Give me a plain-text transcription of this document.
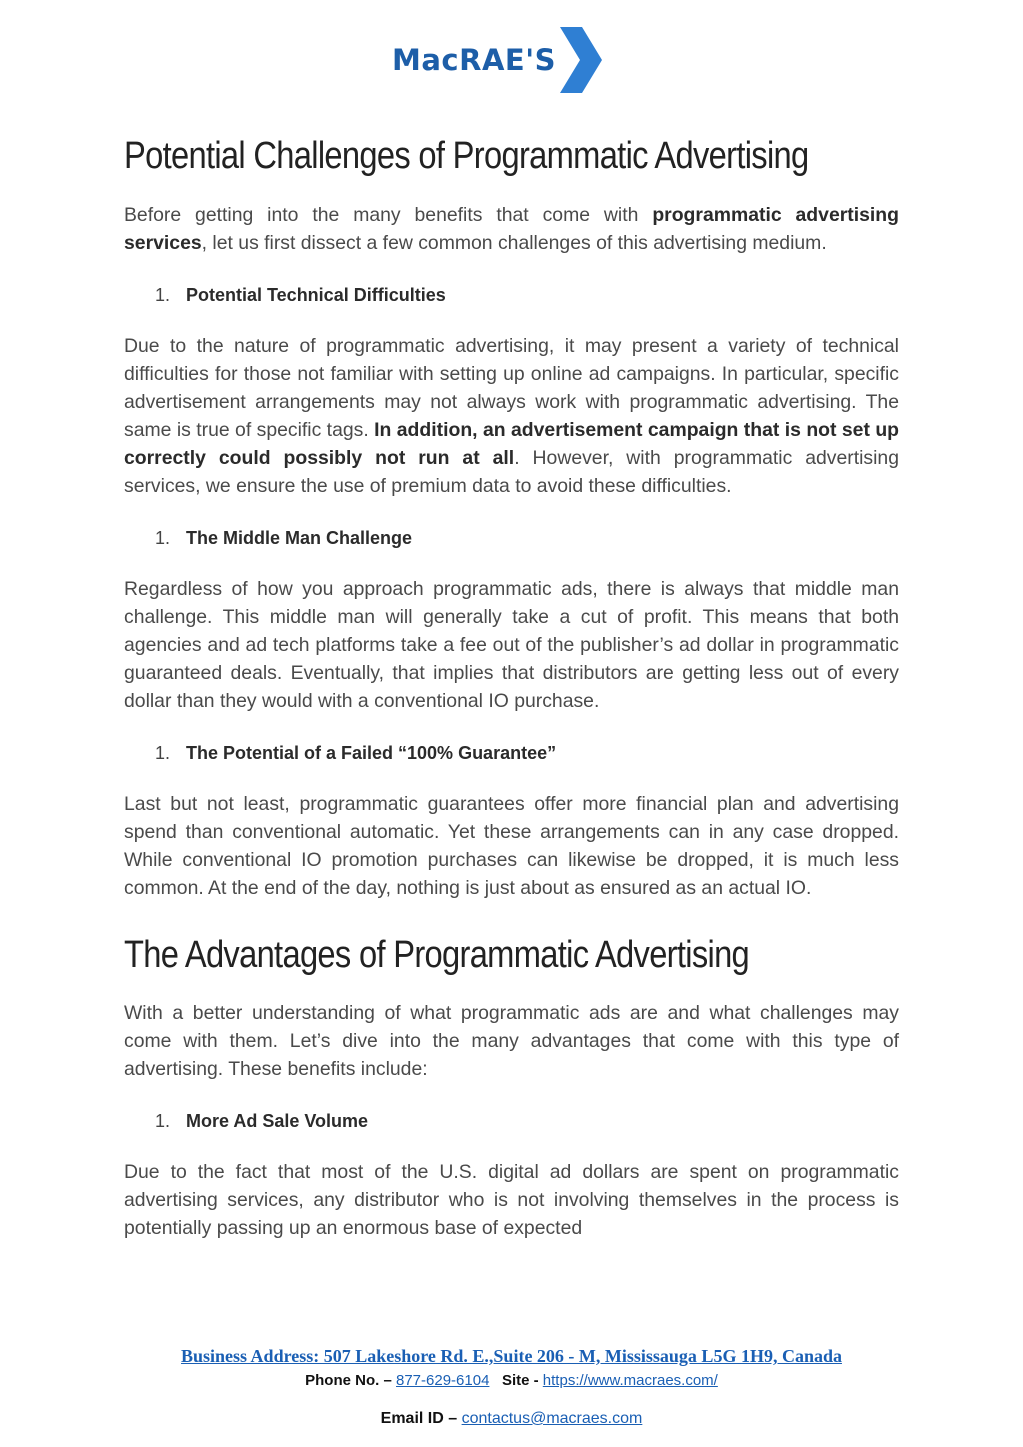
MacRAE'S
Potential Challenges of Programmatic Advertising

Before getting into the many benefits that come with programmatic advertising services, let us first dissect a few common challenges of this advertising medium.

1. Potential Technical Difficulties

Due to the nature of programmatic advertising, it may present a variety of technical difficulties for those not familiar with setting up online ad campaigns. In particular, specific advertisement arrangements may not always work with programmatic advertising. The same is true of specific tags. In addition, an advertisement campaign that is not set up correctly could possibly not run at all. However, with programmatic advertising services, we ensure the use of premium data to avoid these difficulties.

1. The Middle Man Challenge

Regardless of how you approach programmatic ads, there is always that middle man challenge. This middle man will generally take a cut of profit. This means that both agencies and ad tech platforms take a fee out of the publisher’s ad dollar in programmatic guaranteed deals. Eventually, that implies that distributors are getting less out of every dollar than they would with a conventional IO purchase.

1. The Potential of a Failed “100% Guarantee”

Last but not least, programmatic guarantees offer more financial plan and advertising spend than conventional automatic. Yet these arrangements can in any case dropped. While conventional IO promotion purchases can likewise be dropped, it is much less common. At the end of the day, nothing is just about as ensured as an actual IO.

The Advantages of Programmatic Advertising

With a better understanding of what programmatic ads are and what challenges may come with them. Let’s dive into the many advantages that come with this type of advertising. These benefits include:

1. More Ad Sale Volume

Due to the fact that most of the U.S. digital ad dollars are spent on programmatic advertising services, any distributor who is not involving themselves in the process is potentially passing up an enormous base of expected

Business Address: 507 Lakeshore Rd. E.,Suite 206 - M, Mississauga L5G 1H9, Canada
Phone No. – 877-629-6104 Site - https://www.macraes.com/
Email ID – contactus@macraes.com
